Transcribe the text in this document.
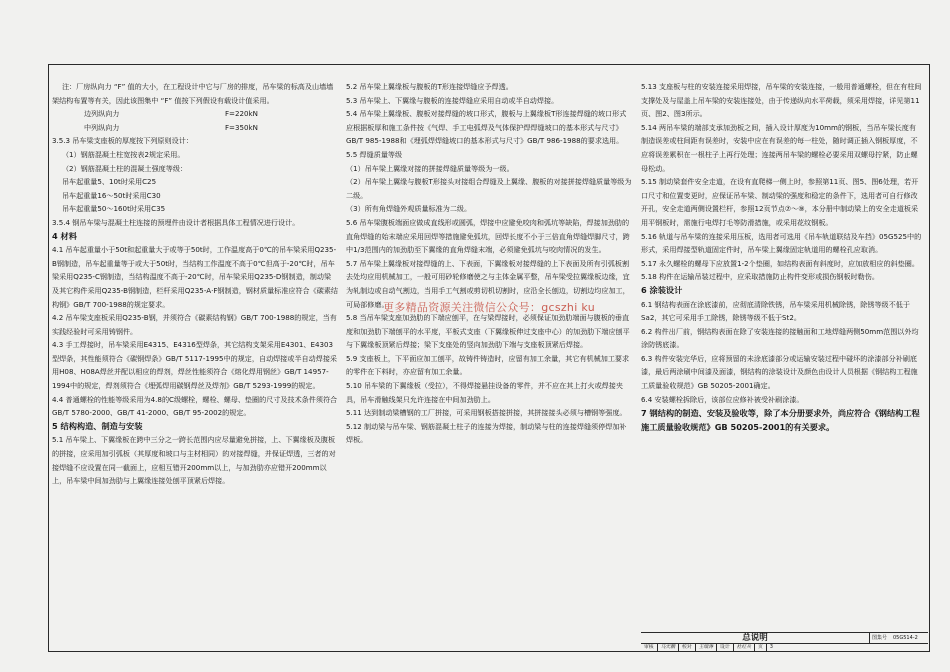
注：厂房纵向力 “F” 值的大小，在工程设计中它与厂房的排度，吊车梁的标高及山墙墙架结构布置等有关，因此该图集中 “F” 值按下列假设有载设计值采用。

边列纵向力	F=220kN
中列纵向力	F=350kN

3.5.3 吊车梁支座板的厚度按下列原则设计：

（1）钢筋混凝土柱宽按表2规定采用。

（2）钢筋混凝土柱的混凝土强度等级：

吊车起重量5、10t时采用C25

吊车起重量16～50t时采用C30

吊车起重量50～160t时采用C35

3.5.4 钢吊车梁与混凝土柱连接的预埋件由设计者根据具体工程情况进行设计。

4 材料

4.1 吊车起重量小于50t和起重量大于或等于50t时，工作温度高于0℃的吊车梁采用Q235-B钢制造，吊车起重量等于或大于50t时，当结构工作温度不高于0℃但高于-20℃时，吊车梁采用Q235-C钢制造，当结构温度不高于-20℃时，吊车梁采用Q235-D钢制造，制动梁及其它构件采用Q235-B钢制造，栏杆采用Q235-A·F钢制造，钢材质量标准应符合《碳素结构钢》GB/T 700-1988的规定要求。

4.2 吊车梁支座板采用Q235-B钢，并须符合《碳素结构钢》GB/T 700-1988的规定，当有实践经验时可采用铸钢件。

4.3 手工焊接时，吊车梁采用E4315、E4316型焊条，其它结构支架采用E4301、E4303型焊条，其性能须符合《碳钢焊条》GB/T 5117-1995中的规定，自动焊接或半自动焊接采用H08、H08A焊丝并配以相应的焊剂，焊丝性能须符合《熔化焊用钢丝》GB/T 14957-1994中的规定，焊剂须符合《埋弧焊用碳钢焊丝及焊剂》GB/T 5293-1999的规定。

4.4 普通螺栓的性能等级采用为4.8的C级螺栓，螺栓、螺母、垫圈的尺寸及技术条件须符合GB/T 5780-2000、GB/T 41-2000、GB/T 95-2002的规定。

5 结构构造、制造与安装

5.1 吊车梁上、下翼缘板在跨中三分之一跨长范围内应尽量避免拼接，上、下翼缘板及腹板的拼接，应采用加引弧板（其厚度和坡口与主材相同）的对接焊缝，并保证焊透，三者的对接焊缝不应设置在同一截面上，应相互错开200mm以上，与加劲肋亦应错开200mm以上，吊车梁中间加劲肋与上翼缘连接处刨平顶紧后焊接。

5.2 吊车梁上翼缘板与腹板的T形连接焊缝应予焊透。

5.3 吊车梁上、下翼缘与腹板的连接焊缝应采用自动或半自动焊接。

5.4 吊车梁上翼缘板、腹板对接焊缝的坡口形式，腹板与上翼缘板T形连接焊缝的坡口形式应根据板厚和施工条件按《气焊、手工电弧焊及气体保护焊焊缝坡口的基本形式与尺寸》GB/T 985-1988和《埋弧焊焊缝坡口的基本形式与尺寸》GB/T 986-1988的要求选用。

5.5 焊缝质量等级

（1）吊车梁上翼缘对接的拼接焊缝质量等级为一级。

（2）吊车梁上翼缘与腹板T形接头对接组合焊缝及上翼缘、腹板的对接拼接焊缝质量等级为二级。

（3）所有角焊缝外观质量标准为二级。

5.6 吊车梁腹板端面应做成直线形或圆弧，焊接中应避免咬肉和弧坑等缺陷，焊接加劲肋的直角焊缝的始末端应采用回焊等措施避免弧坑，回焊长度不小于三倍直角焊缝焊脚尺寸，跨中1/3范围内的加劲肋至下翼缘的直角焊缝末端，必须避免弧坑与咬肉情况的发生。

5.7 吊车梁上翼缘板对接焊缝的上、下表面，下翼缘板对接焊缝的上下表面及所有引弧板割去处均应用机械加工，一般可用砂轮修磨使之与主体金属平整，吊车梁受拉翼缘板边缘，宜为轧制边或自动气割边，当用手工气割或剪切机切割时，应沿全长刨边，切割边均应加工，可局部修磨。

5.8 当吊车梁支座加劲肋的下端应刨平，在与梁焊接时，必须保证加劲肋端面与腹板的垂直度和加劲肋下端刨平的水平度，平板式支座（下翼缘板伸过支座中心）的加劲肋下端应刨平与下翼缘板顶紧后焊接；梁下支座处的竖向加劲肋下端与支座板顶紧后焊接。

5.9 支座板上，下平面应加工刨平，故铸件铸造时，应留有加工余量，其它有机械加工要求的零件在下料时，亦应留有加工余量。

5.10 吊车梁的下翼缘板（受拉），不得焊接悬挂设备的零件，并不应在其上打火或焊接夹具，吊车滑触线架只允许连接在中间加劲肋上。

5.11 达到制动梁槽钢的工厂拼接，可采用钢板搭接拼接，其拼接接头必须与槽钢等强度。

5.12 制动梁与吊车梁、钢筋混凝土柱子的连接为焊接，制动梁与柱的连接焊缝须停焊加补焊板。

5.13 支座板与柱的安装连接采用焊接，吊车梁的安装连接，一般用普通螺栓，但在有柱间支撑处及与屋盖上吊车梁的安装连接处，由于传递纵向水平荷载，须采用焊接，详见第11页、图2、图3所示。

5.14 两吊车梁的端部支承加劲板之间，插入设计厚度为10mm的钢板，当吊车梁长度有制造误差或柱间距有误差时，安装中应在有误差的每一柱处，随时调正插入钢板厚度，不应将误差累积在一根柱子上再行处理；连接两吊车梁的螺栓必要采用双螺母拧紧，防止螺母松动。

5.15 制动梁套件安全走道，在设有直爬梯一侧上时，参照第11页、图5、图6处理，若开口尺寸和位置变更时，应保证吊车梁、制动梁的强度和稳定的条件下，选用者可自行修改开孔，安全走道两侧设置栏杆，参照12页节点⑦～⑨，本分册中制动梁上的安全走道板采用平钢板时，需施行电焊打毛等防滑措施，或采用花纹钢板。

5.16 轨道与吊车梁的连接采用压板，选用者可选用《吊车轨道联结及车挡》05G525中的形式，采用焊接型轨道固定件时，吊车梁上翼缘固定轨道用的螺栓孔应取消。

5.17 永久螺栓的螺母下应放置1-2个垫圈，如结构表面有斜度时，应加放相应的斜垫圈。

5.18 构件在运输吊装过程中，应采取措施防止构件变形或损伤钢板时勒伤。

6 涂装设计

6.1 钢结构表面在涂底漆前，应彻底清除铁锈，吊车梁采用机械除锈，除锈等级不低于Sa2，其它可采用手工除锈，除锈等级不低于St2。

6.2 构件出厂前，钢结构表面在除了安装连接的接触面和工地焊缝两侧50mm范围以外均涂防锈底漆。

6.3 构件安装完华后，应将预留的未涂底漆部分或运输安装过程中碰坏的涂漆部分补刷底漆，最后两涂刷中间漆及面漆，钢结构的涂装设计及颜色由设计人员根据《钢结构工程施工质量验收规范》GB 50205-2001确定。

6.4 安装螺栓拆除后，该部位应修补被受补刷涂漆。

7 钢结构的制造、安装及验收等，除了本分册要求外，尚应符合《钢结构工程施工质量验收规范》GB 50205-2001的有关要求。

更多精品资源关注微信公众号：gcszhi ku
总说明	图集号 05G514-2
审核	马天鹏	校对	王瑞涛	设计	杜红兵	页	3
